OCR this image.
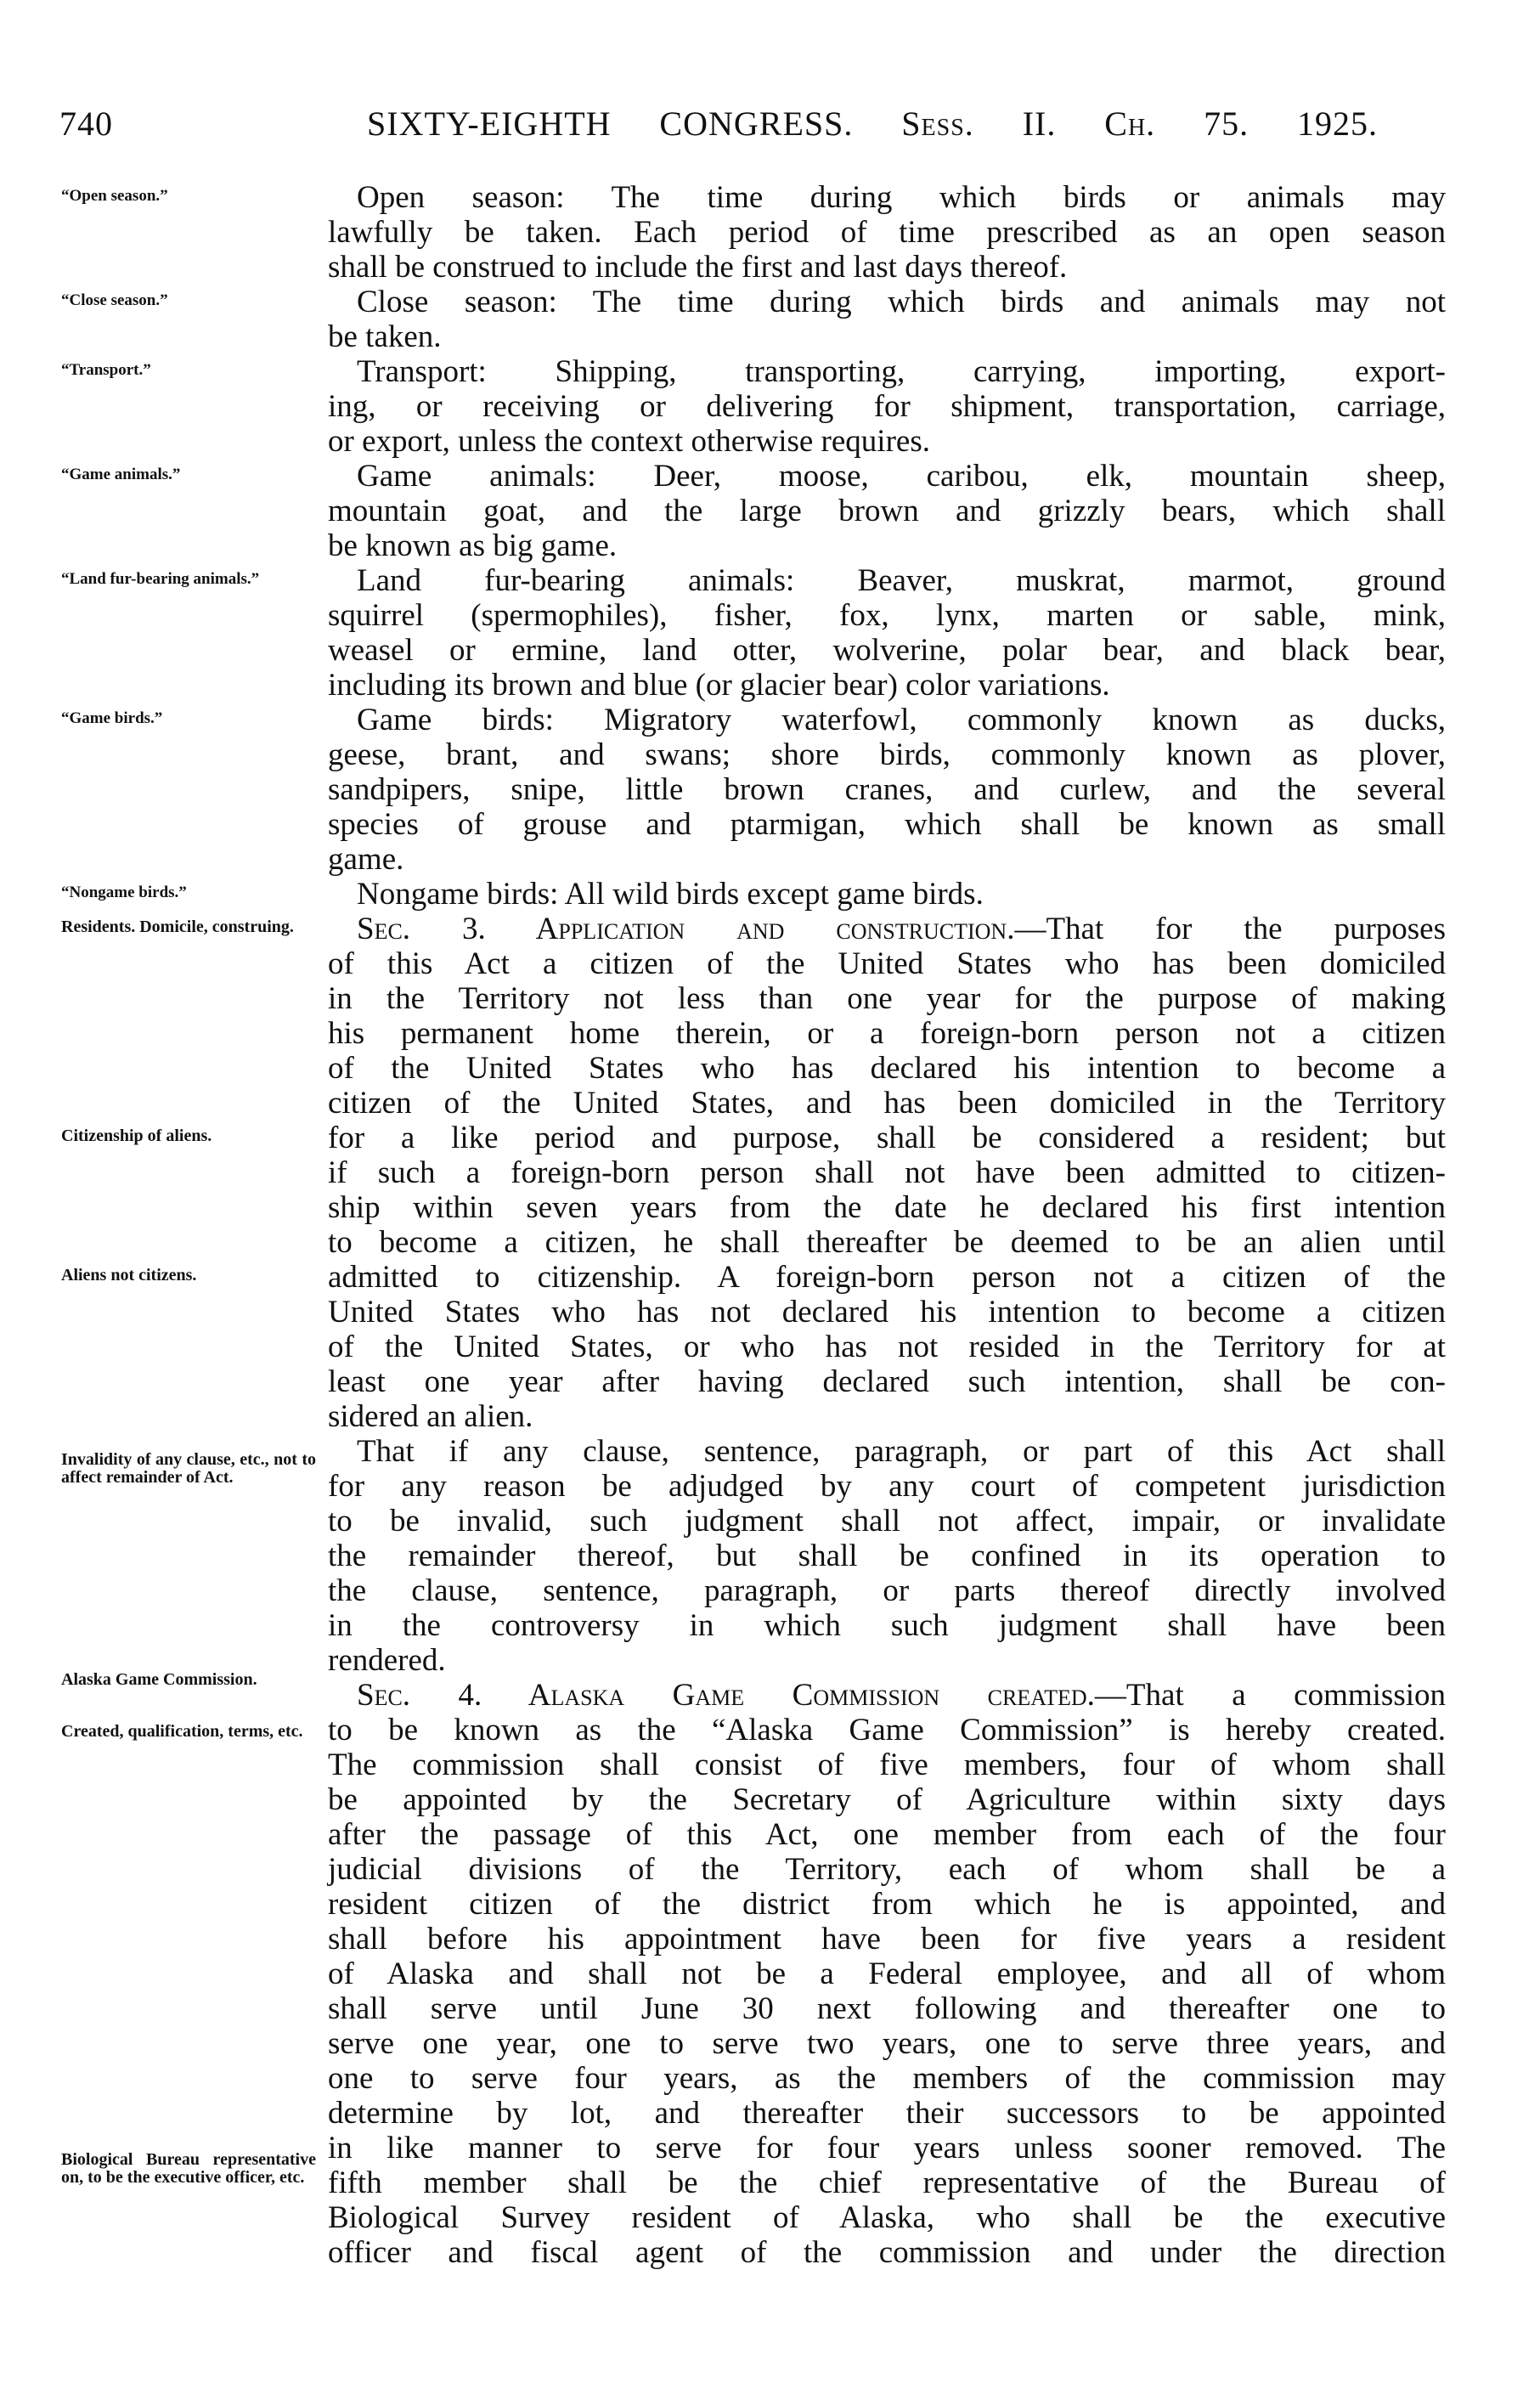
740	SIXTY-EIGHTH CONGRESS. Sess. II. Ch. 75. 1925.
“Open season.”
“Close season.”
“Transport.”
“Game animals.”
“Land fur-bearing animals.”
“Game birds.”
“Nongame birds.”
Residents. Domicile, construing.
Citizenship of aliens.
Aliens not citizens.
Invalidity of any clause, etc., not to affect remainder of Act.
Alaska Game Commission.
Created, qualification, terms, etc.
Biological Bureau representative on, to be the executive officer, etc.
Open season: The time during which birds or animals may
lawfully be taken. Each period of time prescribed as an open season
shall be construed to include the first and last days thereof.
Close season: The time during which birds and animals may not
be taken.
Transport: Shipping, transporting, carrying, importing, export-
ing, or receiving or delivering for shipment, transportation, carriage,
or export, unless the context otherwise requires.
Game animals: Deer, moose, caribou, elk, mountain sheep,
mountain goat, and the large brown and grizzly bears, which shall
be known as big game.
Land fur-bearing animals: Beaver, muskrat, marmot, ground
squirrel (spermophiles), fisher, fox, lynx, marten or sable, mink,
weasel or ermine, land otter, wolverine, polar bear, and black bear,
including its brown and blue (or glacier bear) color variations.
Game birds: Migratory waterfowl, commonly known as ducks,
geese, brant, and swans; shore birds, commonly known as plover,
sandpipers, snipe, little brown cranes, and curlew, and the several
species of grouse and ptarmigan, which shall be known as small
game.
Nongame birds: All wild birds except game birds.
Sec. 3. Application and construction.—That for the purposes
of this Act a citizen of the United States who has been domiciled
in the Territory not less than one year for the purpose of making
his permanent home therein, or a foreign-born person not a citizen
of the United States who has declared his intention to become a
citizen of the United States, and has been domiciled in the Territory
for a like period and purpose, shall be considered a resident; but
if such a foreign-born person shall not have been admitted to citizen-
ship within seven years from the date he declared his first intention
to become a citizen, he shall thereafter be deemed to be an alien until
admitted to citizenship. A foreign-born person not a citizen of the
United States who has not declared his intention to become a citizen
of the United States, or who has not resided in the Territory for at
least one year after having declared such intention, shall be con-
sidered an alien.
That if any clause, sentence, paragraph, or part of this Act shall
for any reason be adjudged by any court of competent jurisdiction
to be invalid, such judgment shall not affect, impair, or invalidate
the remainder thereof, but shall be confined in its operation to
the clause, sentence, paragraph, or parts thereof directly involved
in the controversy in which such judgment shall have been
rendered.
Sec. 4. Alaska Game Commission created.—That a commission
to be known as the “Alaska Game Commission” is hereby created.
The commission shall consist of five members, four of whom shall
be appointed by the Secretary of Agriculture within sixty days
after the passage of this Act, one member from each of the four
judicial divisions of the Territory, each of whom shall be a
resident citizen of the district from which he is appointed, and
shall before his appointment have been for five years a resident
of Alaska and shall not be a Federal employee, and all of whom
shall serve until June 30 next following and thereafter one to
serve one year, one to serve two years, one to serve three years, and
one to serve four years, as the members of the commission may
determine by lot, and thereafter their successors to be appointed
in like manner to serve for four years unless sooner removed. The
fifth member shall be the chief representative of the Bureau of
Biological Survey resident of Alaska, who shall be the executive
officer and fiscal agent of the commission and under the direction
